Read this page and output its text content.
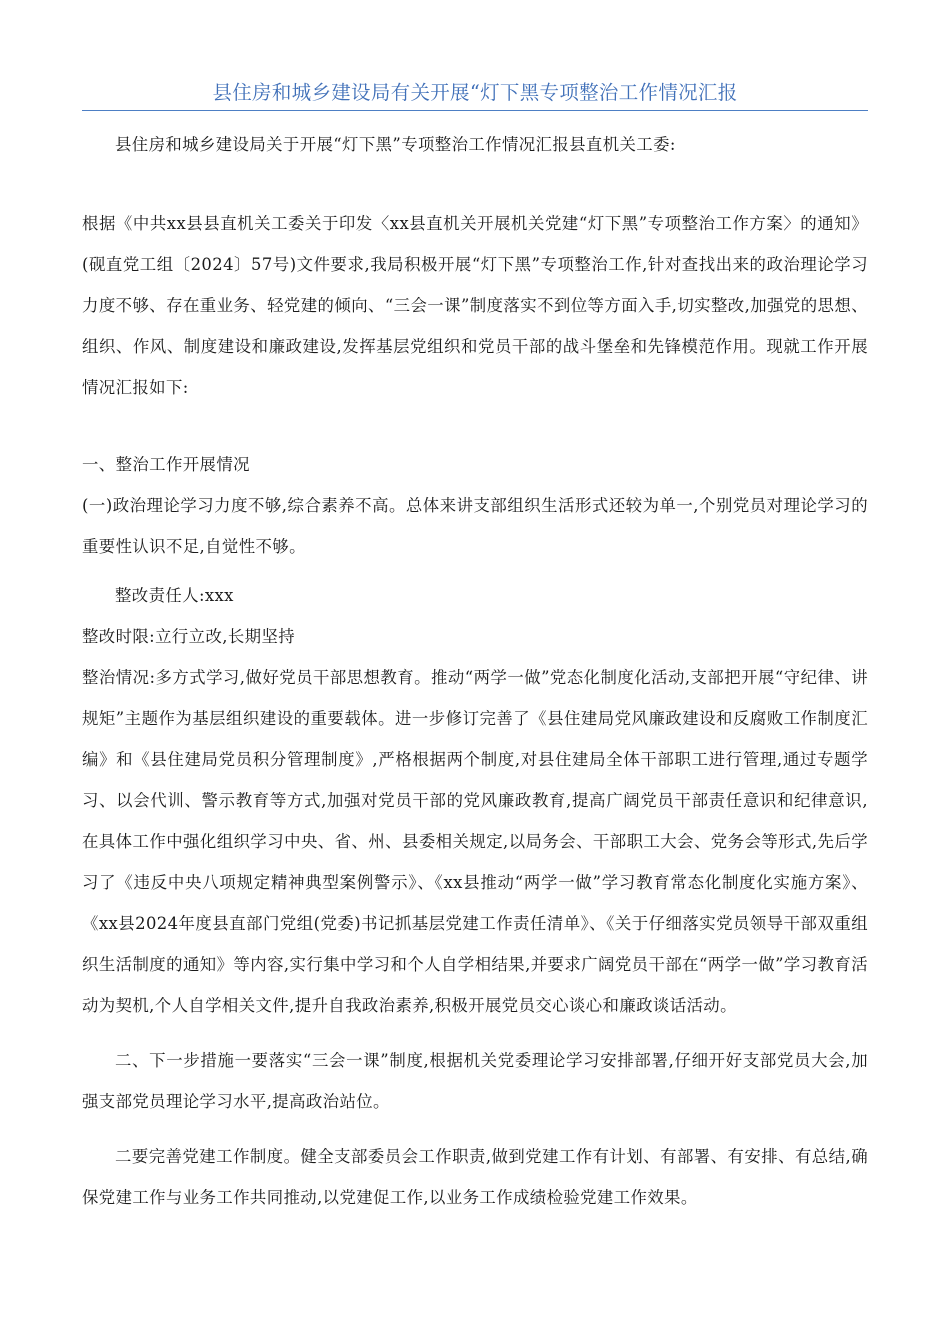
县住房和城乡建设局有关开展“灯下黑专项整治工作情况汇报

县住房和城乡建设局关于开展“灯下黑”专项整治工作情况汇报县直机关工委:

根据《中共xx县县直机关工委关于印发〈xx县直机关开展机关党建“灯下黑”专项整治工作方案〉的通知》(砚直党工组〔2024〕57号)文件要求,我局积极开展“灯下黑”专项整治工作,针对查找出来的政治理论学习力度不够、存在重业务、轻党建的倾向、“三会一课”制度落实不到位等方面入手,切实整改,加强党的思想、组织、作风、制度建设和廉政建设,发挥基层党组织和党员干部的战斗堡垒和先锋模范作用。现就工作开展情况汇报如下:

一、整治工作开展情况

(一)政治理论学习力度不够,综合素养不高。总体来讲支部组织生活形式还较为单一,个别党员对理论学习的重要性认识不足,自觉性不够。

整改责任人:xxx

整改时限:立行立改,长期坚持

整治情况:多方式学习,做好党员干部思想教育。推动“两学一做”党态化制度化活动,支部把开展“守纪律、讲规矩”主题作为基层组织建设的重要载体。进一步修订完善了《县住建局党风廉政建设和反腐败工作制度汇编》和《县住建局党员积分管理制度》,严格根据两个制度,对县住建局全体干部职工进行管理,通过专题学习、以会代训、警示教育等方式,加强对党员干部的党风廉政教育,提高广阔党员干部责任意识和纪律意识,在具体工作中强化组织学习中央、省、州、县委相关规定,以局务会、干部职工大会、党务会等形式,先后学习了《违反中央八项规定精神典型案例警示》、《xx县推动“两学一做”学习教育常态化制度化实施方案》、《xx县2024年度县直部门党组(党委)书记抓基层党建工作责任清单》、《关于仔细落实党员领导干部双重组织生活制度的通知》等内容,实行集中学习和个人自学相结果,并要求广阔党员干部在“两学一做”学习教育活动为契机,个人自学相关文件,提升自我政治素养,积极开展党员交心谈心和廉政谈话活动。

二、下一步措施一要落实“三会一课”制度,根据机关党委理论学习安排部署,仔细开好支部党员大会,加强支部党员理论学习水平,提高政治站位。

二要完善党建工作制度。健全支部委员会工作职责,做到党建工作有计划、有部署、有安排、有总结,确保党建工作与业务工作共同推动,以党建促工作,以业务工作成绩检验党建工作效果。
